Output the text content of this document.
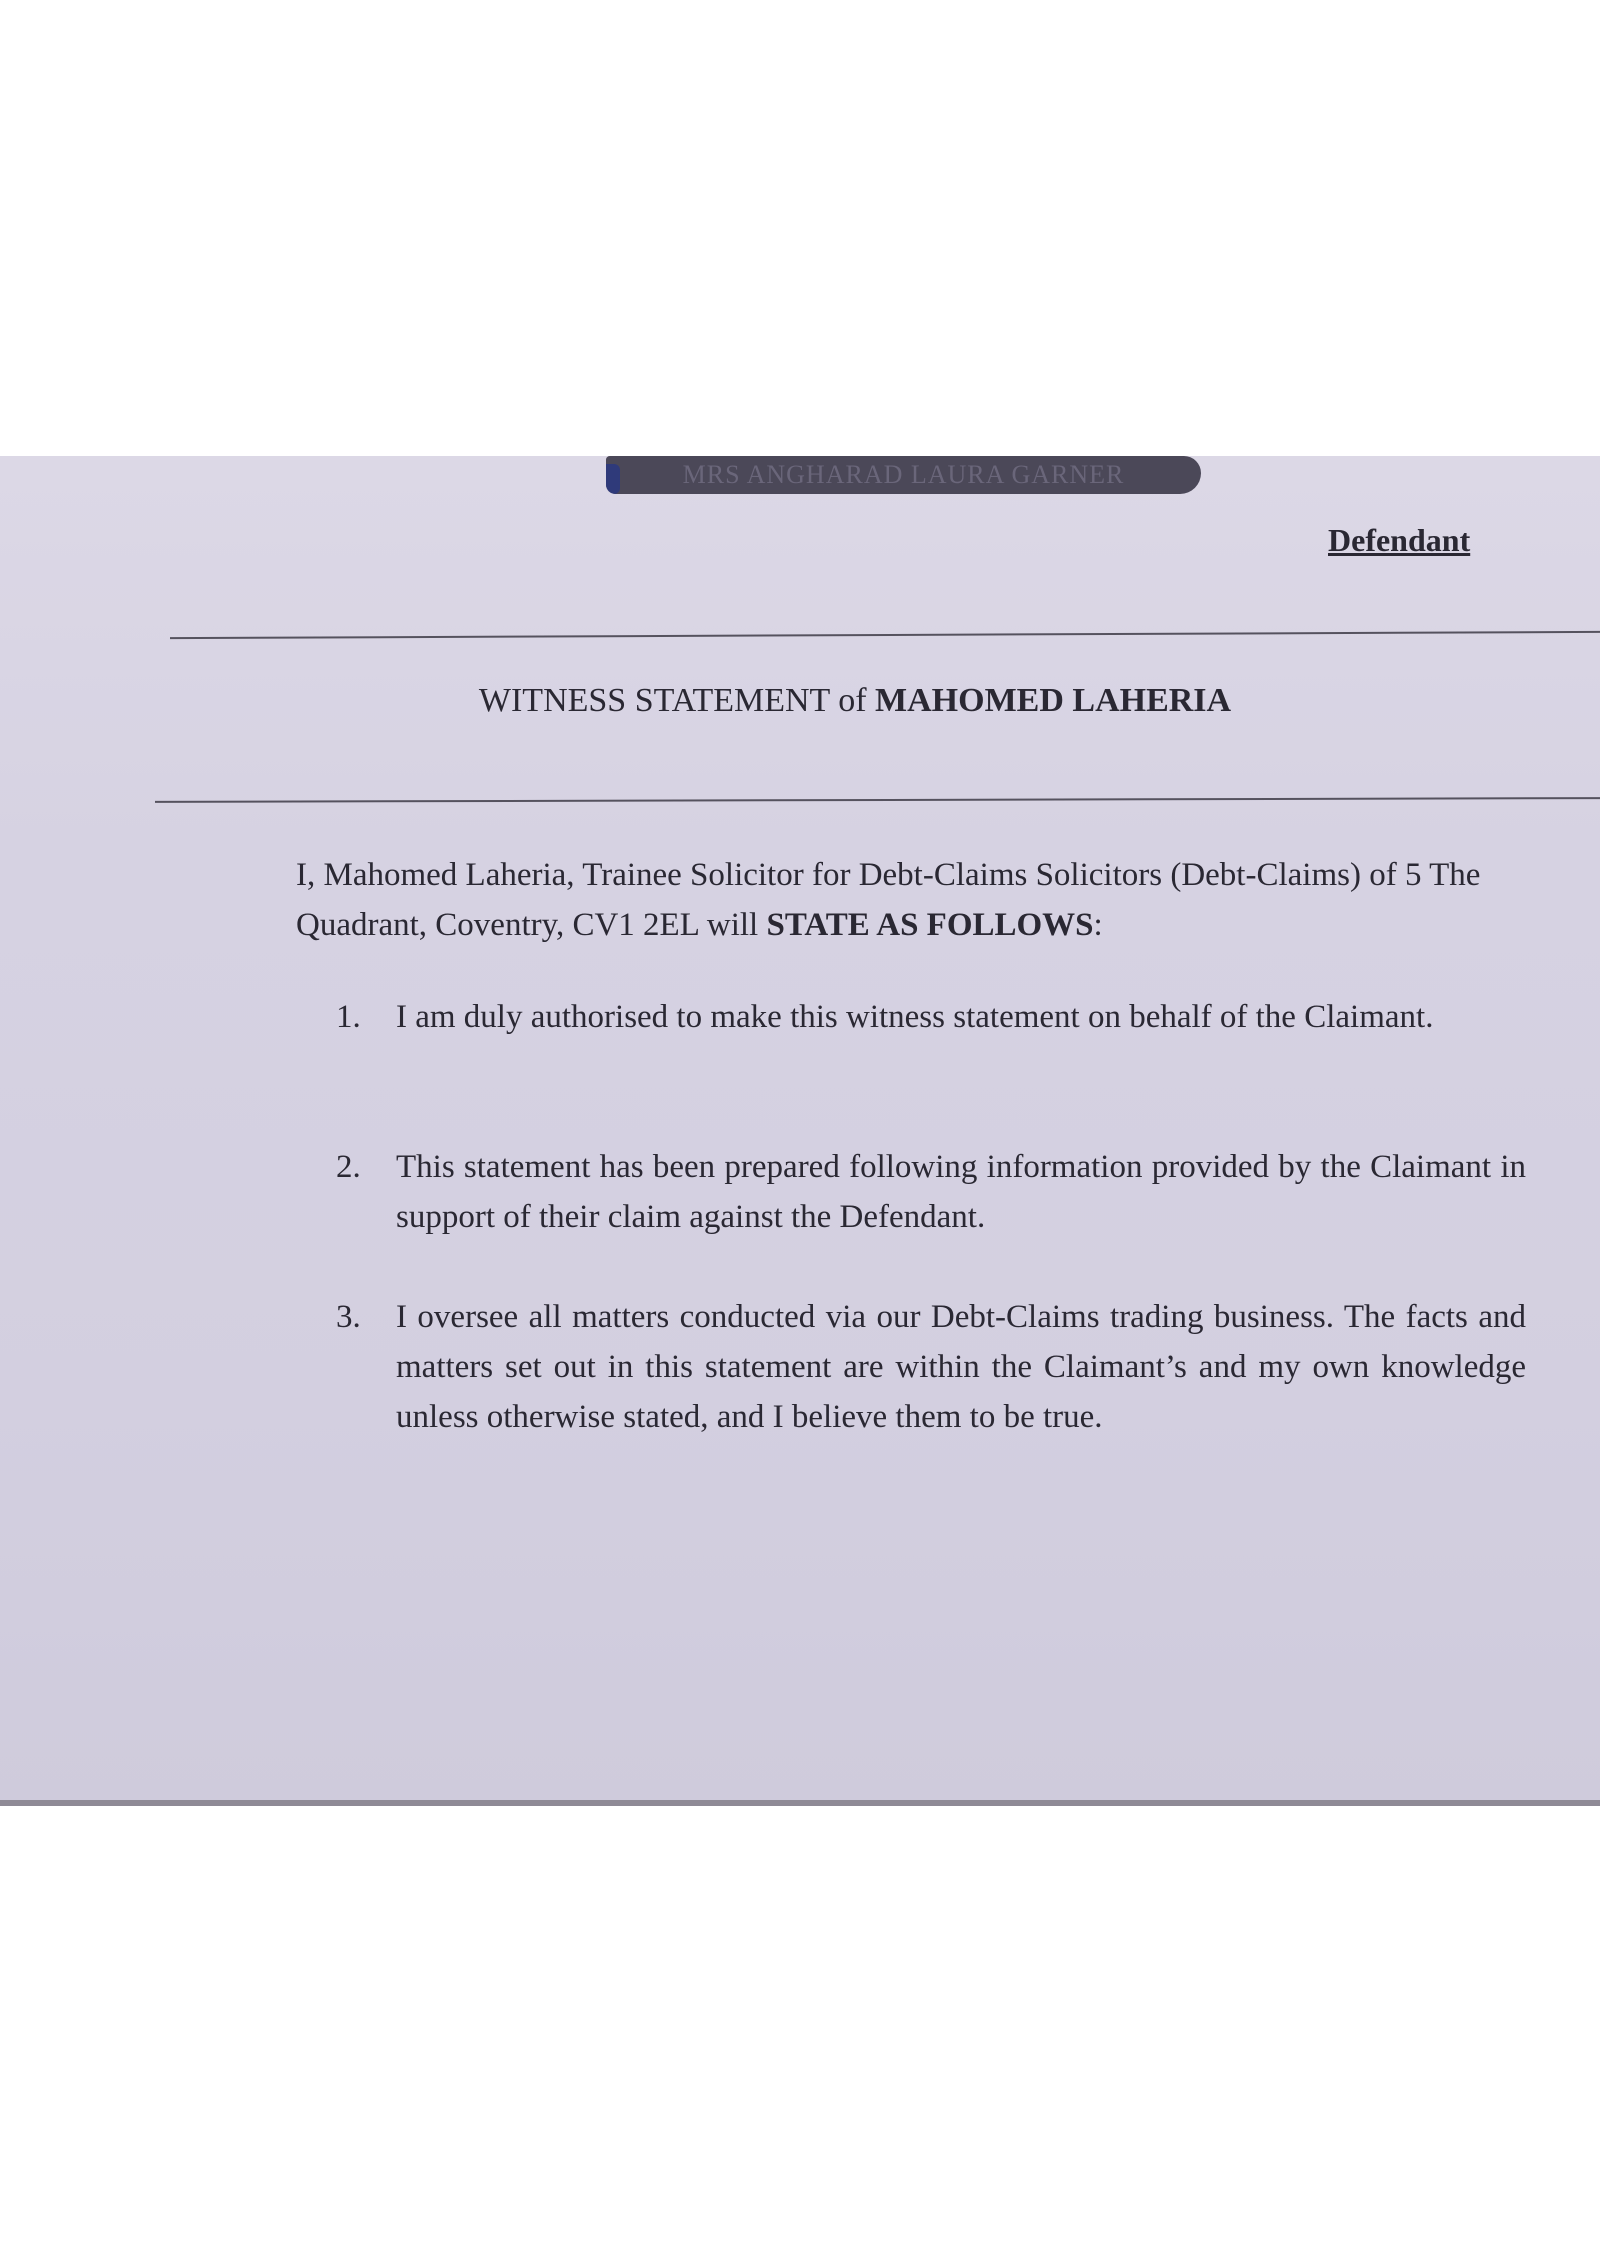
MRS ANGHARAD LAURA GARNER
Defendant
WITNESS STATEMENT of MAHOMED LAHERIA
I, Mahomed Laheria, Trainee Solicitor for Debt-Claims Solicitors (Debt-Claims) of 5 The Quadrant, Coventry, CV1 2EL will STATE AS FOLLOWS:
1.	I am duly authorised to make this witness statement on behalf of the Claimant.
2.	This statement has been prepared following information provided by the Claimant in support of their claim against the Defendant.
3.	I oversee all matters conducted via our Debt-Claims trading business. The facts and matters set out in this statement are within the Claimant’s and my own knowledge unless otherwise stated, and I believe them to be true.
